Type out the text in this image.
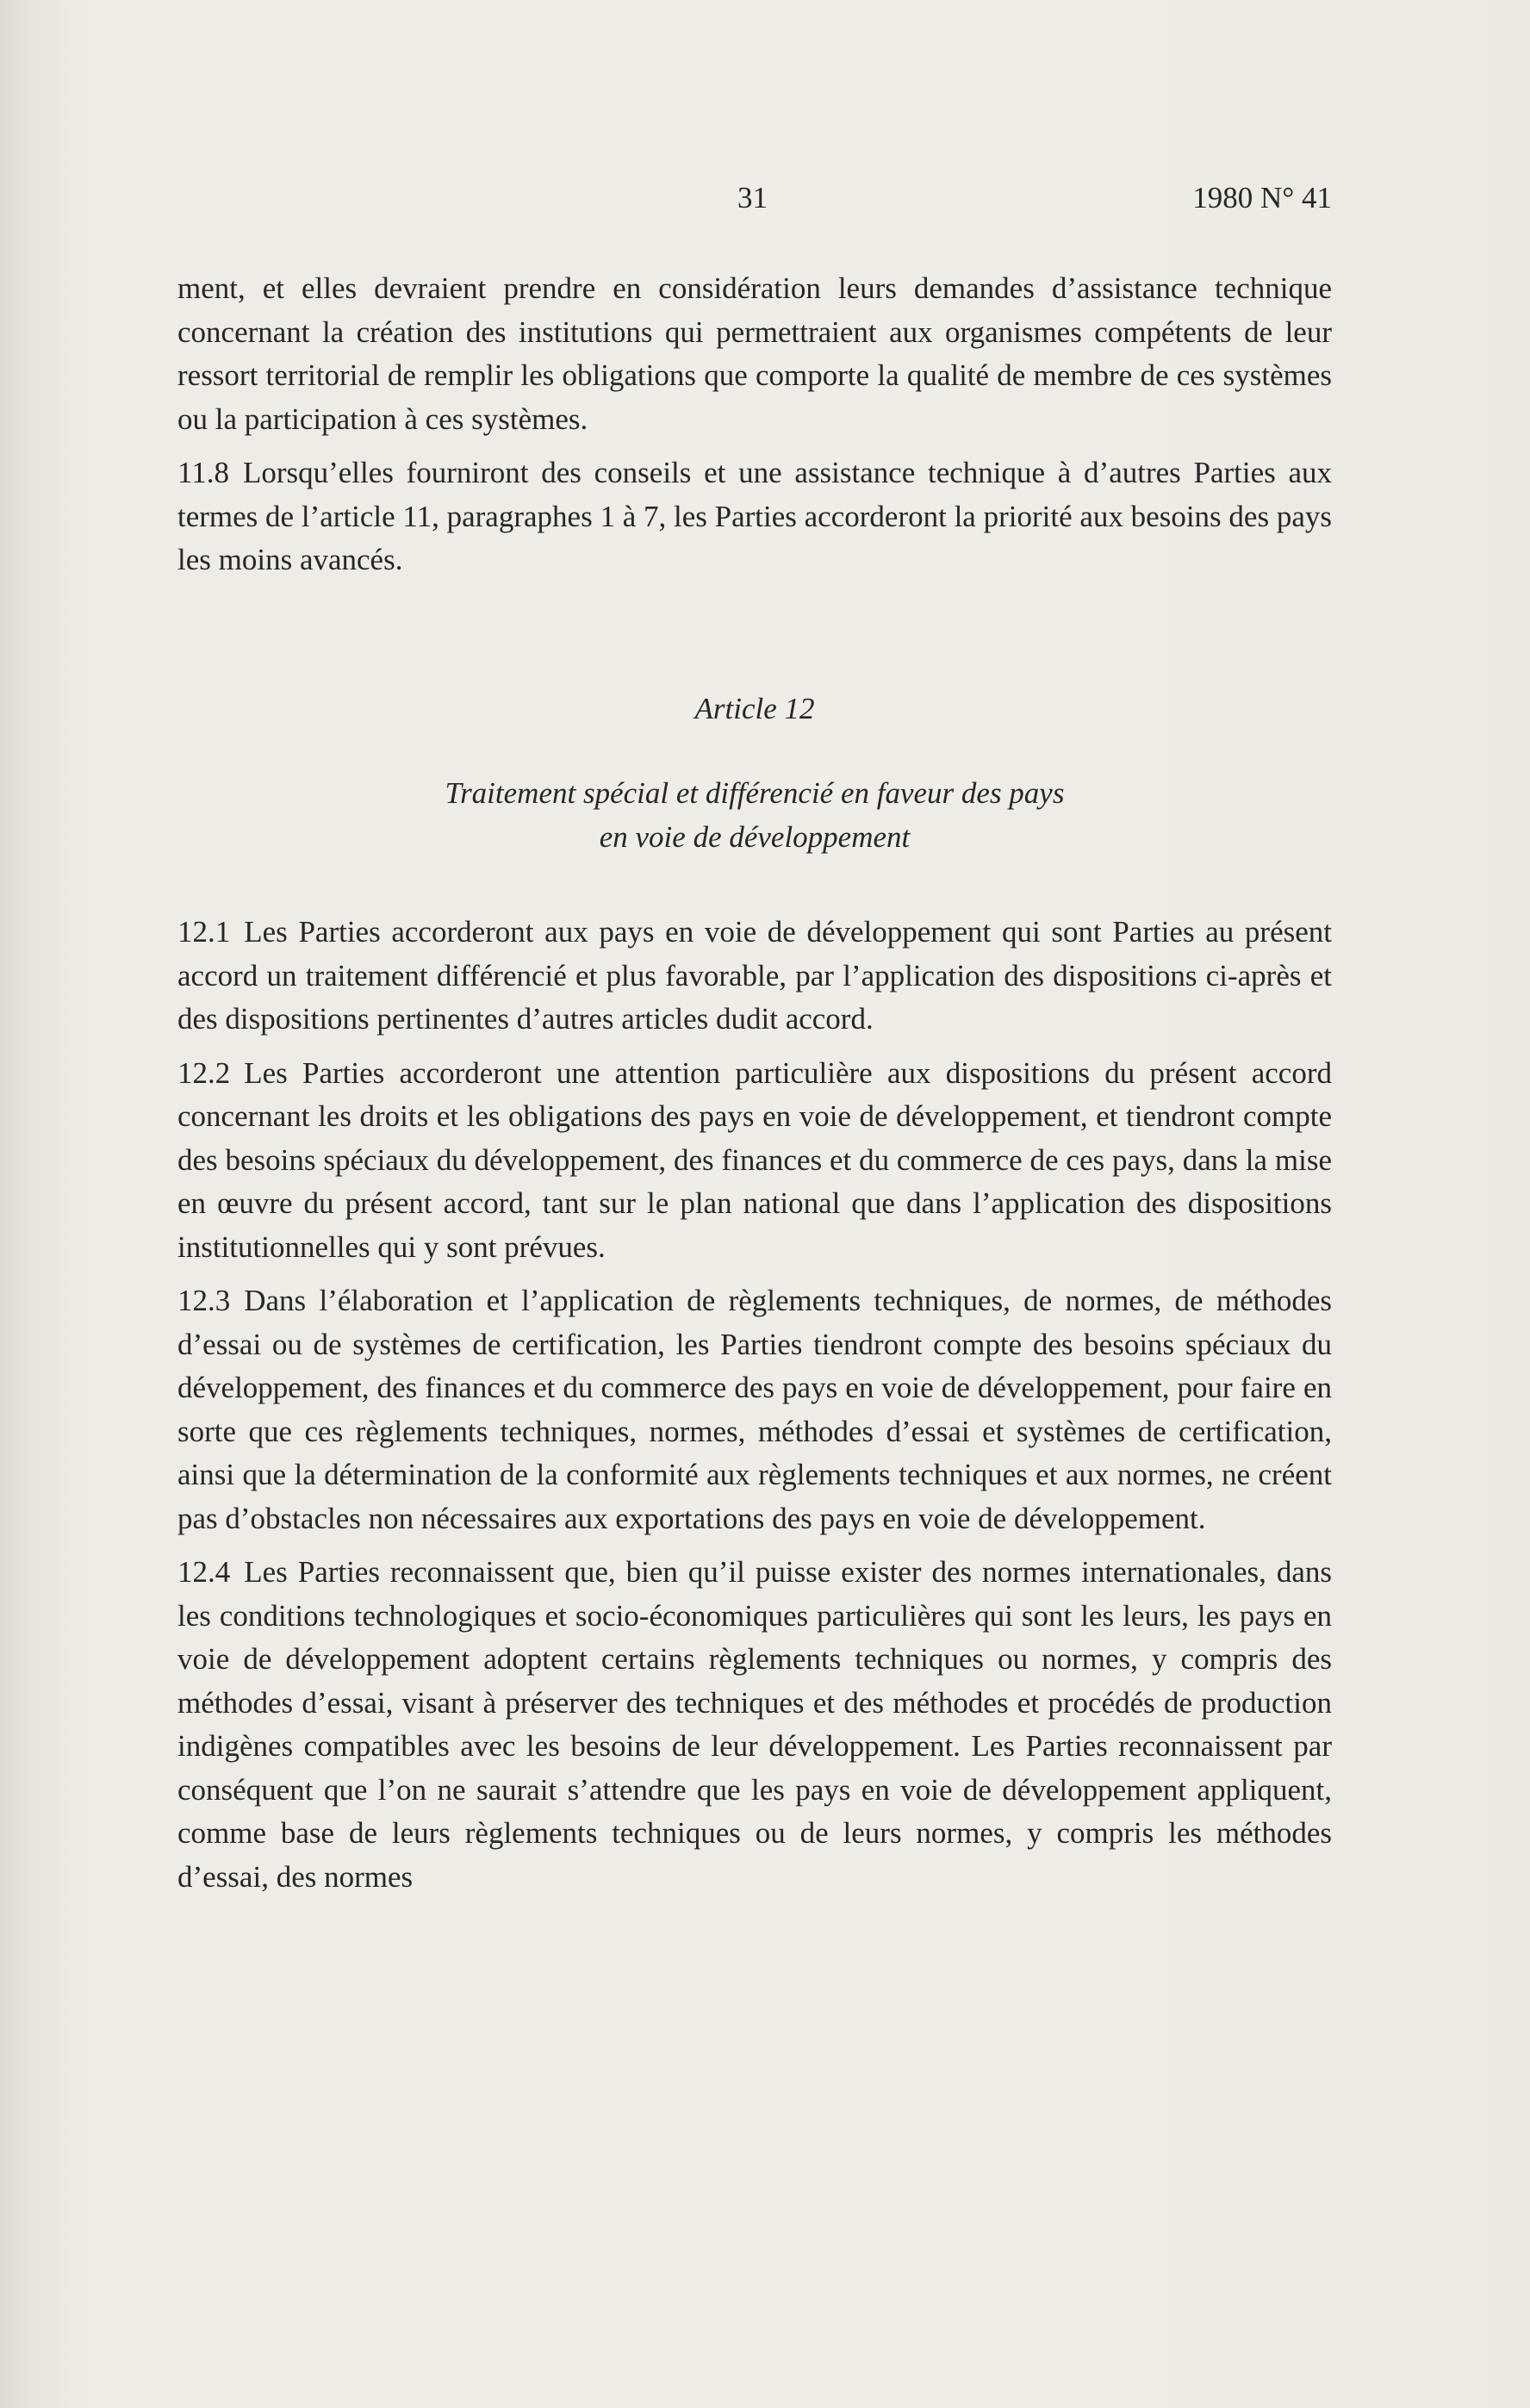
31	1980 N° 41

ment, et elles devraient prendre en considération leurs demandes d’assistance technique concernant la création des institutions qui permettraient aux organismes compétents de leur ressort territorial de remplir les obligations que comporte la qualité de membre de ces systèmes ou la participation à ces systèmes.

11.8 Lorsqu’elles fourniront des conseils et une assistance technique à d’autres Parties aux termes de l’article 11, paragraphes 1 à 7, les Parties accorderont la priorité aux besoins des pays les moins avancés.

Article 12

Traitement spécial et différencié en faveur des pays
en voie de développement

12.1 Les Parties accorderont aux pays en voie de développement qui sont Parties au présent accord un traitement différencié et plus favorable, par l’application des dispositions ci-après et des dispositions pertinentes d’autres articles dudit accord.

12.2 Les Parties accorderont une attention particulière aux dispositions du présent accord concernant les droits et les obligations des pays en voie de développement, et tiendront compte des besoins spéciaux du développement, des finances et du commerce de ces pays, dans la mise en œuvre du présent accord, tant sur le plan national que dans l’application des dispositions institutionnelles qui y sont prévues.

12.3 Dans l’élaboration et l’application de règlements techniques, de normes, de méthodes d’essai ou de systèmes de certification, les Parties tiendront compte des besoins spéciaux du développement, des finances et du commerce des pays en voie de développement, pour faire en sorte que ces règlements techniques, normes, méthodes d’essai et systèmes de certification, ainsi que la détermination de la conformité aux règlements techniques et aux normes, ne créent pas d’obstacles non nécessaires aux exportations des pays en voie de développement.

12.4 Les Parties reconnaissent que, bien qu’il puisse exister des normes internationales, dans les conditions technologiques et socio-économiques particulières qui sont les leurs, les pays en voie de développement adoptent certains règlements techniques ou normes, y compris des méthodes d’essai, visant à préserver des techniques et des méthodes et procédés de production indigènes compatibles avec les besoins de leur développement. Les Parties reconnaissent par conséquent que l’on ne saurait s’attendre que les pays en voie de développement appliquent, comme base de leurs règlements techniques ou de leurs normes, y compris les méthodes d’essai, des normes
